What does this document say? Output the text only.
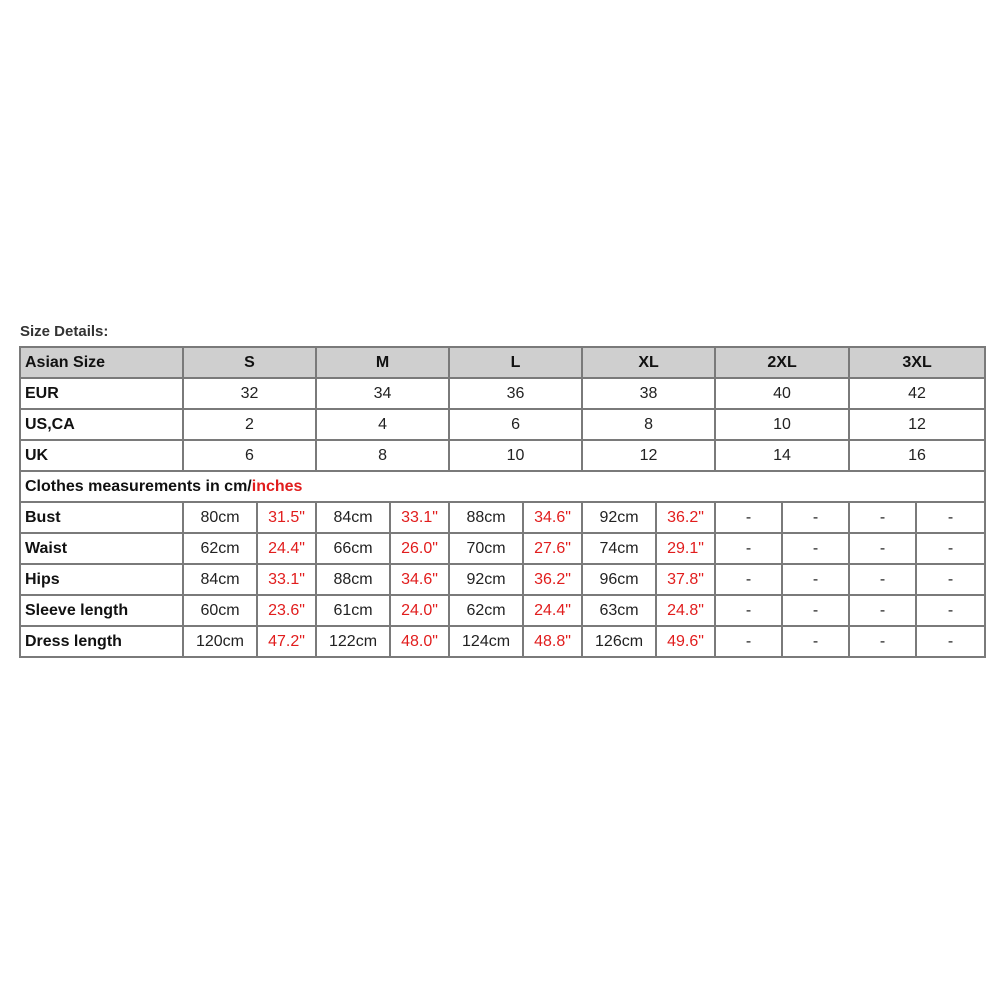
Size Details:
Asian Size	S		M		L		XL		2XL		3XL	
EUR	32		34		36		38		40		42	
US,CA	2		4		6		8		10		12	
UK	6		8		10		12		14		16	
Clothes measurements in cm/inches												
Bust	80cm	31.5"	84cm	33.1"	88cm	34.6"	92cm	36.2"	-	-	-	-
Waist	62cm	24.4"	66cm	26.0"	70cm	27.6"	74cm	29.1"	-	-	-	-
Hips	84cm	33.1"	88cm	34.6"	92cm	36.2"	96cm	37.8"	-	-	-	-
Sleeve length	60cm	23.6"	61cm	24.0"	62cm	24.4"	63cm	24.8"	-	-	-	-
Dress length	120cm	47.2"	122cm	48.0"	124cm	48.8"	126cm	49.6"	-	-	-	-
